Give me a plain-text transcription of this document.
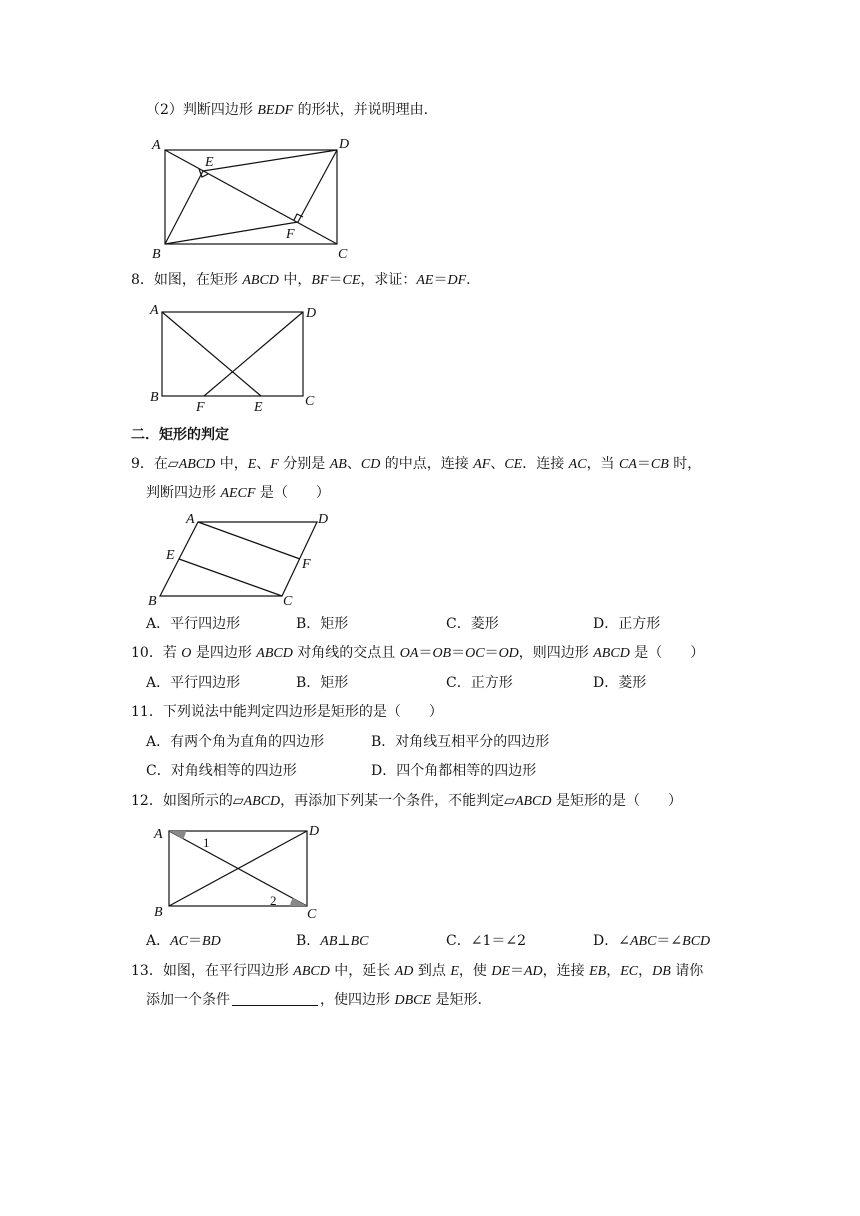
（2）判断四边形 BEDF 的形状，并说明理由.
A
B	C
D
E
F
A
B	C
D
F	E
A	D
E
F
B	C
A	D
B	C
1
2
8．如图，在矩形 ABCD 中，BF＝CE，求证：AE＝DF.
二．矩形的判定
9．在▱ABCD 中，E、F 分别是 AB、CD 的中点，连接 AF、CE．连接 AC，当 CA＝CB 时，
判断四边形 AECF 是（　　）
A．平行四边形	B．矩形	C．菱形	D．正方形
10．若 O 是四边形 ABCD 对角线的交点且 OA＝OB＝OC＝OD，则四边形 ABCD 是（　　）
A．平行四边形	B．矩形	C．正方形	D．菱形
11．下列说法中能判定四边形是矩形的是（　　）
A．有两个角为直角的四边形	B．对角线互相平分的四边形
C．对角线相等的四边形	D．四个角都相等的四边形
12．如图所示的▱ABCD，再添加下列某一个条件，不能判定▱ABCD 是矩形的是（　　）
A．AC＝BD	B．AB⊥BC	C．∠1＝∠2	D．∠ABC＝∠BCD
13．如图，在平行四边形 ABCD 中，延长 AD 到点 E，使 DE＝AD，连接 EB，EC，DB 请你
添加一个条件	，使四边形 DBCE 是矩形.
